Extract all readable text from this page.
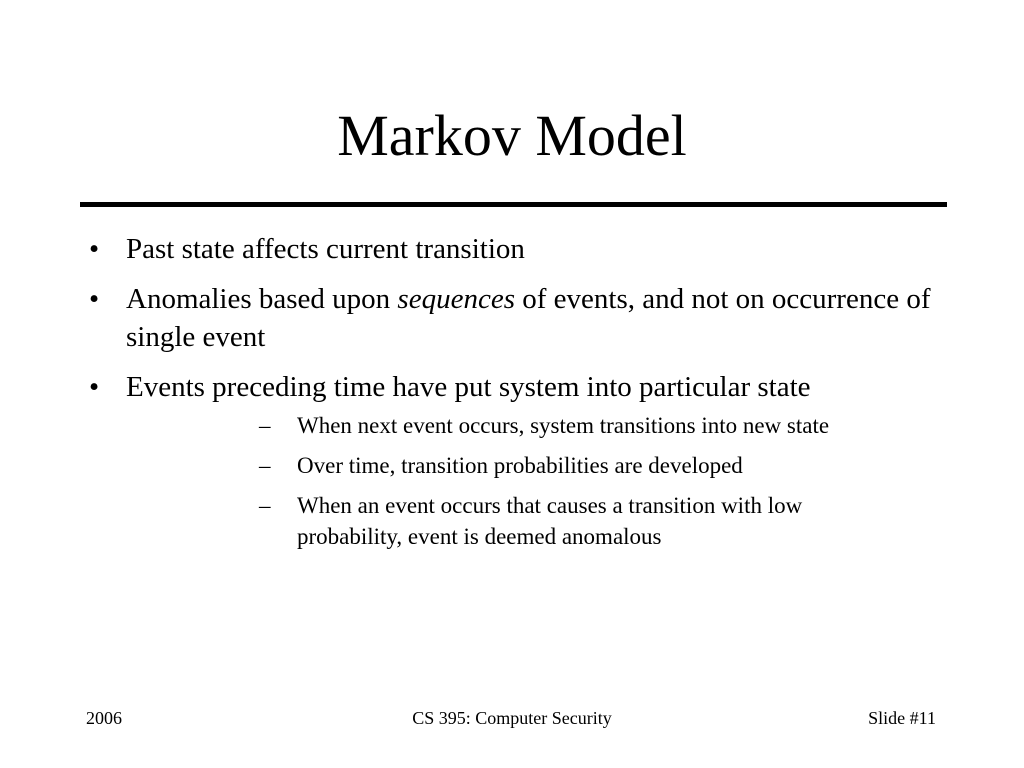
Markov Model
• Past state affects current transition
• Anomalies based upon sequences of events, and not on occurrence of single event
• Events preceding time have put system into particular state
– When next event occurs, system transitions into new state
– Over time, transition probabilities are developed
– When an event occurs that causes a transition with low probability, event is deemed anomalous
2006	CS 395: Computer Security	Slide #11
